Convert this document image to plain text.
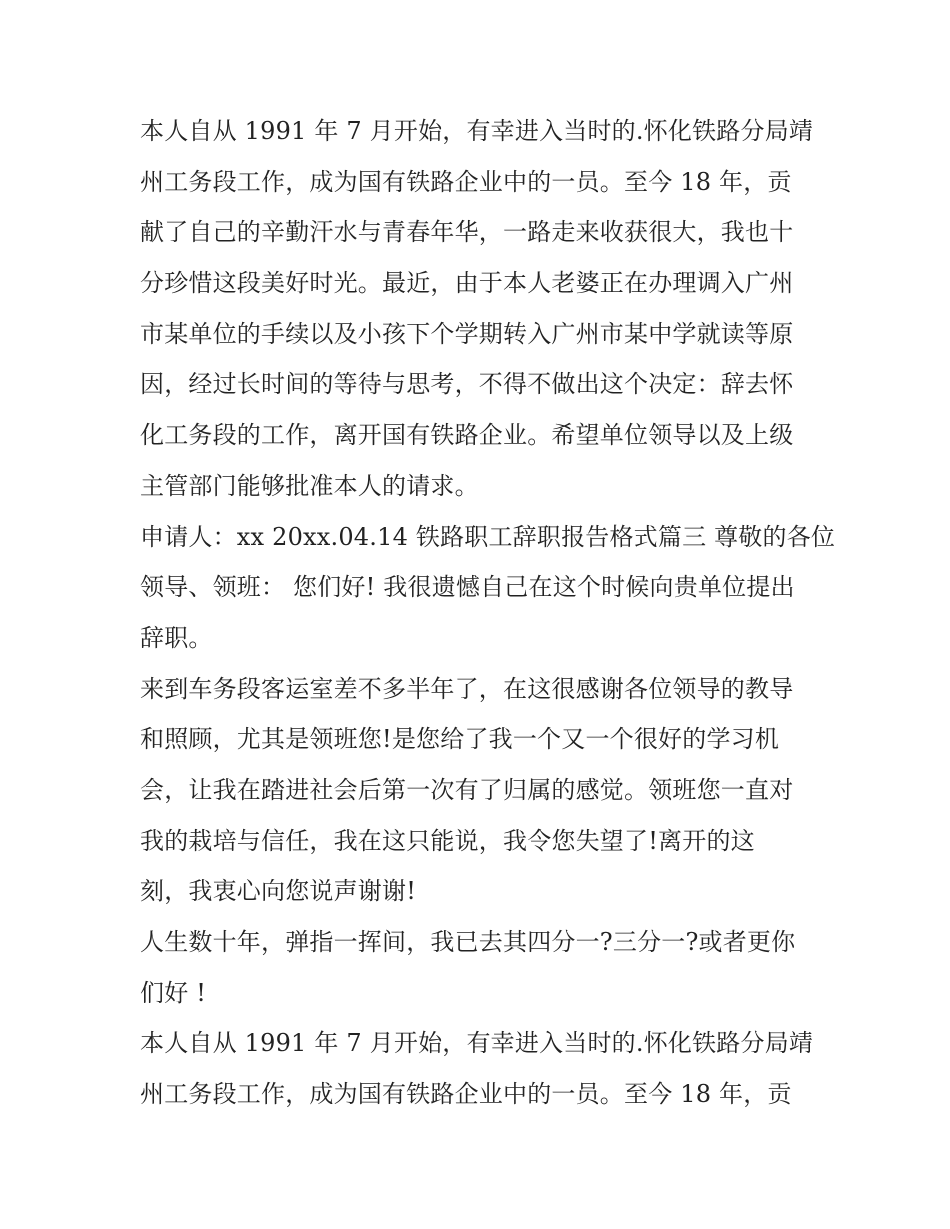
本人自从 1991 年 7 月开始，有幸进入当时的.怀化铁路分局靖
州工务段工作，成为国有铁路企业中的一员。至今 18 年，贡
献了自己的辛勤汗水与青春年华，一路走来收获很大，我也十
分珍惜这段美好时光。最近，由于本人老婆正在办理调入广州
市某单位的手续以及小孩下个学期转入广州市某中学就读等原
因，经过长时间的等待与思考，不得不做出这个决定：辞去怀
化工务段的工作，离开国有铁路企业。希望单位领导以及上级
主管部门能够批准本人的请求。
申请人：xx 20xx.04.14 铁路职工辞职报告格式篇三 尊敬的各位
领导、领班： 您们好! 我很遗憾自己在这个时候向贵单位提出
辞职。
来到车务段客运室差不多半年了，在这很感谢各位领导的教导
和照顾，尤其是领班您!是您给了我一个又一个很好的学习机
会，让我在踏进社会后第一次有了归属的感觉。领班您一直对
我的栽培与信任，我在这只能说，我令您失望了!离开的这
刻，我衷心向您说声谢谢!
人生数十年，弹指一挥间，我已去其四分一?三分一?或者更你
们好 !
本人自从 1991 年 7 月开始，有幸进入当时的.怀化铁路分局靖
州工务段工作，成为国有铁路企业中的一员。至今 18 年，贡
